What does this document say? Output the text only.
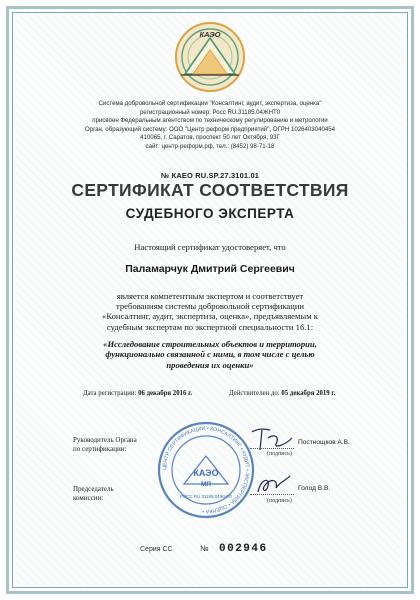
КАЭО
Система добровольной сертификации "Консалтинг, аудит, экспертиза, оценка"
регистрационный номер: Росс RU.31185.04ЖНТ0
присвоен Федеральным агентством по техническому регулированию и метрологии
Орган, образующий систему: ООО "Центр реформ предприятий", ОГРН 1026403040454
410065, г. Саратов, проспект 50 лет Октября, 93Г
сайт: центр-реформ.рф, тел.: (8452) 98-71-18
№ КАЕО RU.SP.27.3101.01
СЕРТИФИКАТ СООТВЕТСТВИЯ
СУДЕБНОГО ЭКСПЕРТА
Настоящий сертификат удостоверяет, что
Паламарчук Дмитрий Сергеевич
является компетентным экспертом и соответствует
требованиям системы добровольной сертификации
«Консалтинг, аудит, экспертиза, оценка», предъявляемым к
судебным экспертам по экспертной специальности 16.1:
«Исследование строительных объектов и территории,
функционально связанной с ними, в том числе с целью
проведения их оценки»
Дата регистрации: 06 декабря 2016 г.	Действителен до: 05 декабря 2019 г.
ЦЕНТР СЕРТИФИКАЦИИ • КОНСАЛТИНГ • АУДИТ • ЭКСПЕРТИЗА • ОЦЕНКА •
КАЭО
МП
РОСС RU.31185.04ЖНТ0
Руководитель Органа
по сертификации:
Постнощков А.В.
(подпись)
Председатель
комиссии:
Голод В.В.
(подпись)
Серия СС	№ 002946
